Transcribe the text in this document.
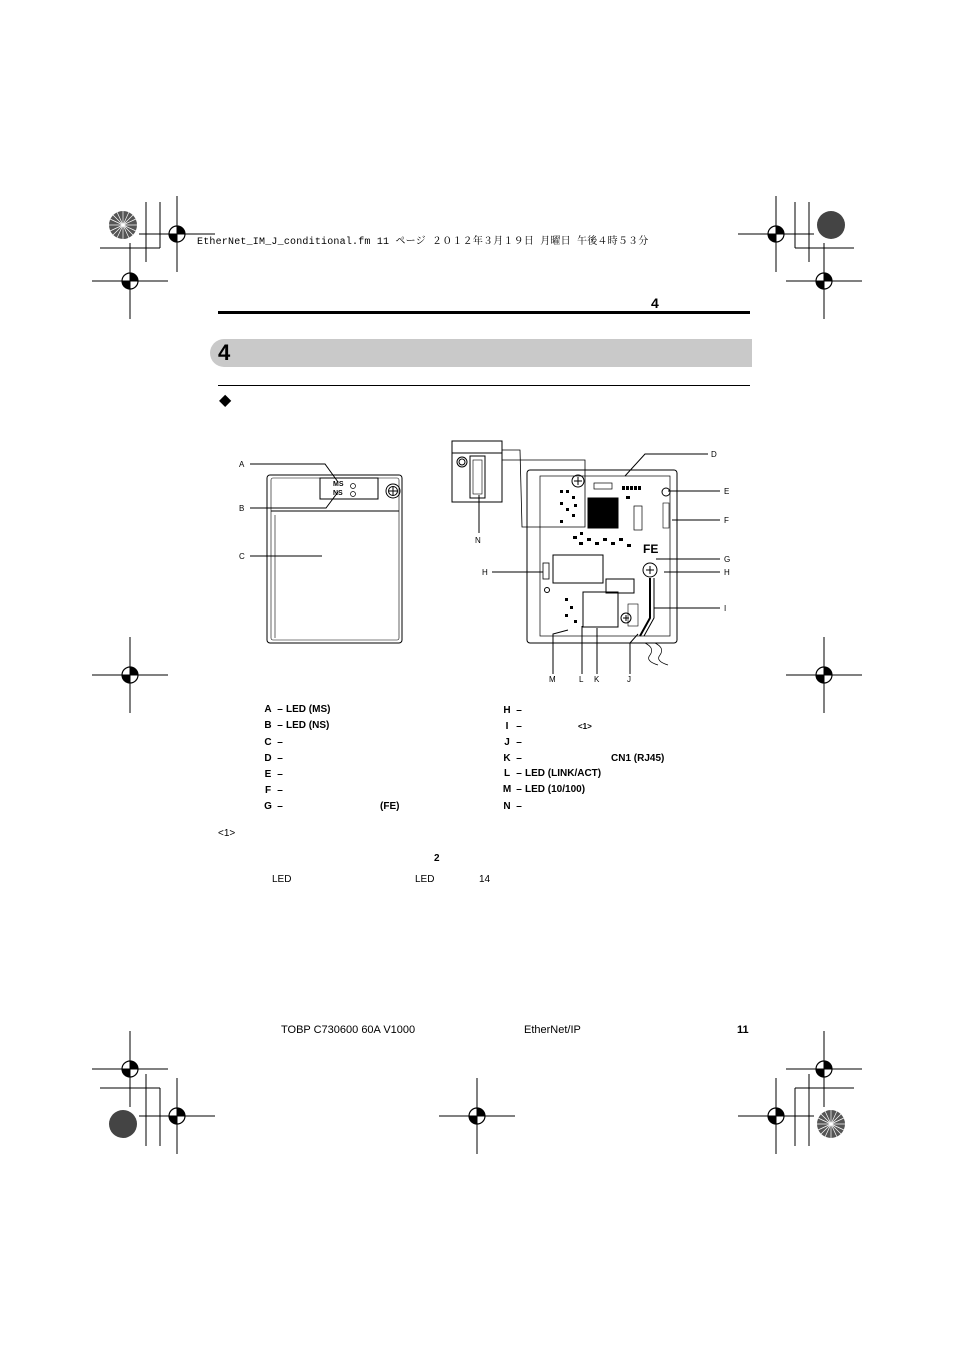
EtherNet_IM_J_conditional.fm 11 ページ ２０１２年３月１９日 月曜日 午後４時５３分
4
4
◆
MS
NS
FE
A
B
C
D
E
F
G
H
I
N
H
M	L K	J
A – LED (MS)
B – LED (NS)
C –
D –
E –
F –
G –	(FE)
H –
I –	<1>
J –
K –	CN1 (RJ45)
L – LED (LINK/ACT)
M – LED (10/100)
N –
<1>
2
LED	LED	14
TOBP C730600 60A V1000	EtherNet/IP	11
